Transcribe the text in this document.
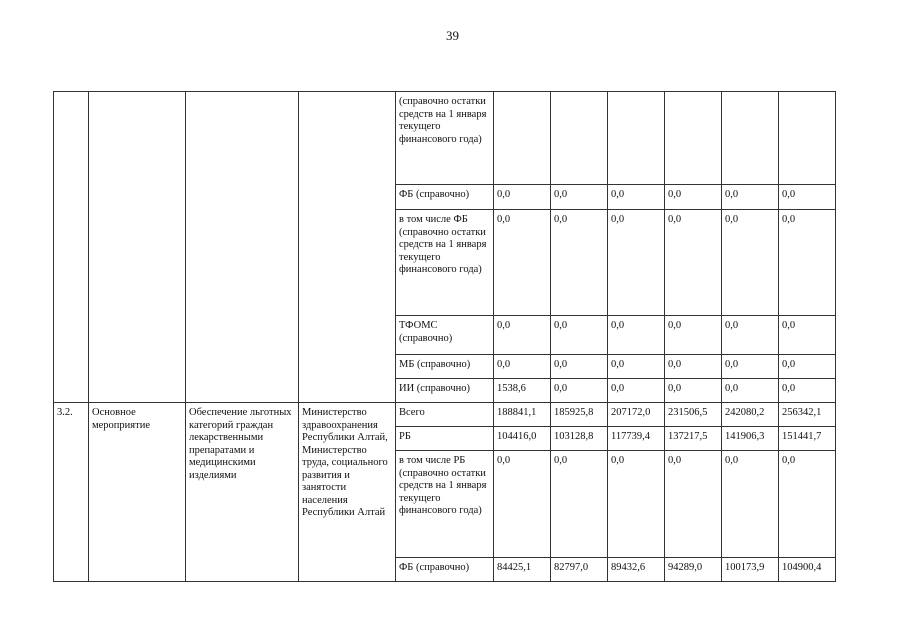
39
				(справочно остатки средств на 1 января текущего финансового года)						
				ФБ (справочно)	0,0	0,0	0,0	0,0	0,0	0,0
				в том числе ФБ (справочно остатки средств на 1 января текущего финансового года)	0,0	0,0	0,0	0,0	0,0	0,0
				ТФОМС (справочно)	0,0	0,0	0,0	0,0	0,0	0,0
				МБ (справочно)	0,0	0,0	0,0	0,0	0,0	0,0
				ИИ (справочно)	1538,6	0,0	0,0	0,0	0,0	0,0
3.2.	Основное мероприятие	Обеспечение льготных категорий граждан лекарственными препаратами и медицинскими изделиями	Министерство здравоохранения Республики Алтай, Министерство труда, социального развития и занятости населения Республики Алтай	Всего	188841,1	185925,8	207172,0	231506,5	242080,2	256342,1
				РБ	104416,0	103128,8	117739,4	137217,5	141906,3	151441,7
				в том числе РБ (справочно остатки средств на 1 января текущего финансового года)	0,0	0,0	0,0	0,0	0,0	0,0
				ФБ (справочно)	84425,1	82797,0	89432,6	94289,0	100173,9	104900,4
